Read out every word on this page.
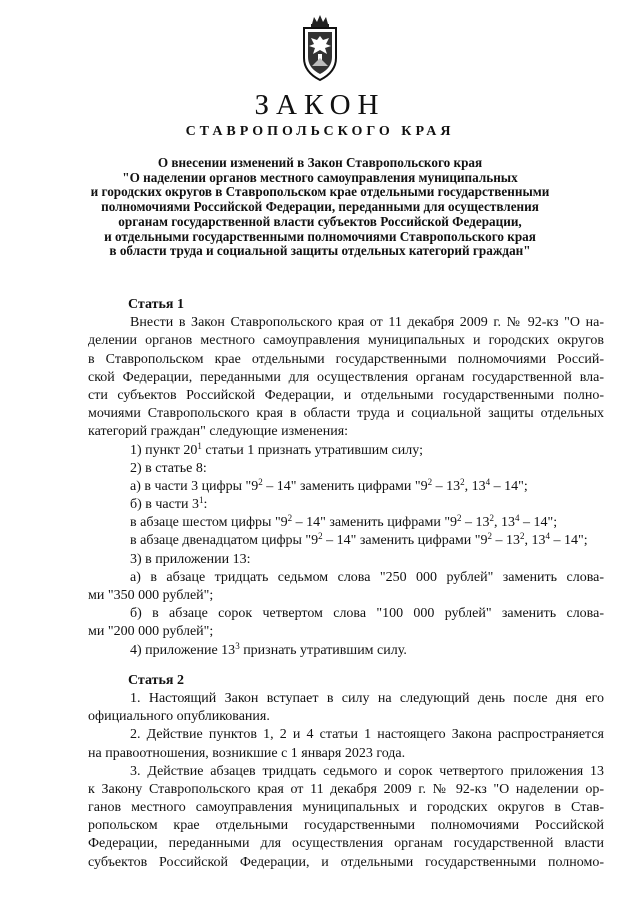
ЗАКОН
СТАВРОПОЛЬСКОГО КРАЯ
О внесении изменений в Закон Ставропольского края
"О наделении органов местного самоуправления муниципальных
и городских округов в Ставропольском крае отдельными государственными
полномочиями Российской Федерации, переданными для осуществления
органам государственной власти субъектов Российской Федерации,
и отдельными государственными полномочиями Ставропольского края
в области труда и социальной защиты отдельных категорий граждан"
Статья 1
Внести в Закон Ставропольского края от 11 декабря 2009 г. № 92-кз "О на-
делении органов местного самоуправления муниципальных и городских округов
в Ставропольском крае отдельными государственными полномочиями Россий-
ской Федерации, переданными для осуществления органам государственной вла-
сти субъектов Российской Федерации, и отдельными государственными полно-
мочиями Ставропольского края в области труда и социальной защиты отдельных
категорий граждан" следующие изменения:
1) пункт $20^1$ статьи 1 признать утратившим силу;
2) в статье 8:
а) в части 3 цифры "$9^2 - 14$" заменить цифрами "$9^2 - 13^2$, $13^4 - 14$";
б) в части $3^1$:
в абзаце шестом цифры "$9^2 - 14$" заменить цифрами "$9^2 - 13^2$, $13^4 - 14$";
в абзаце двенадцатом цифры "$9^2 - 14$" заменить цифрами "$9^2 - 13^2$, $13^4 - 14$";
3) в приложении 13:
а) в абзаце тридцать седьмом слова "250 000 рублей" заменить слова-
ми "350 000 рублей";
б) в абзаце сорок четвертом слова "100 000 рублей" заменить слова-
ми "200 000 рублей";
4) приложение $13^3$ признать утратившим силу.
Статья 2
1. Настоящий Закон вступает в силу на следующий день после дня его
официального опубликования.
2. Действие пунктов 1, 2 и 4 статьи 1 настоящего Закона распространяется
на правоотношения, возникшие с 1 января 2023 года.
3. Действие абзацев тридцать седьмого и сорок четвертого приложения 13
к Закону Ставропольского края от 11 декабря 2009 г. № 92-кз "О наделении ор-
ганов местного самоуправления муниципальных и городских округов в Став-
ропольском крае отдельными государственными полномочиями Российской
Федерации, переданными для осуществления органам государственной власти
субъектов Российской Федерации, и отдельными государственными полномо-
